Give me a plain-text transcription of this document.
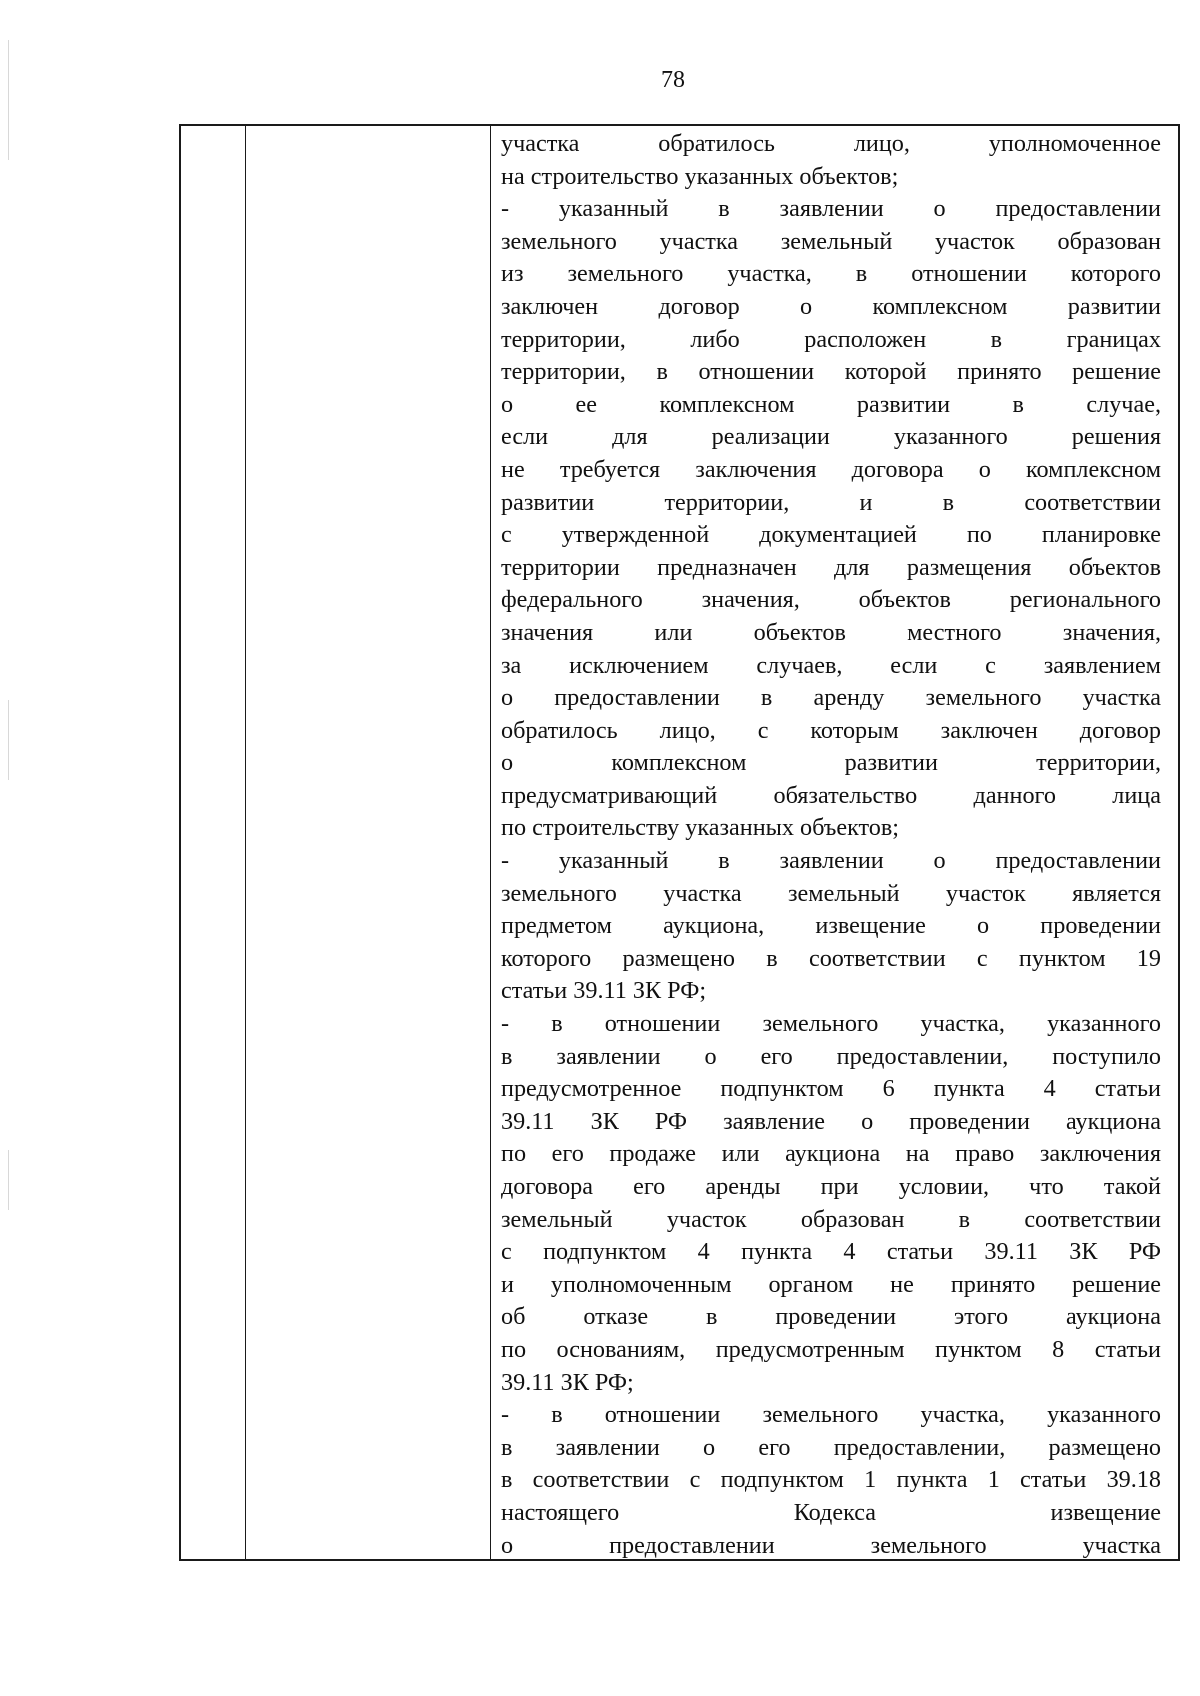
78
участка обратилось лицо, уполномоченное
на строительство указанных объектов;
- указанный в заявлении о предоставлении
земельного участка земельный участок образован
из земельного участка, в отношении которого
заключен договор о комплексном развитии
территории, либо расположен в границах
территории, в отношении которой принято решение
о ее комплексном развитии в случае,
если для реализации указанного решения
не требуется заключения договора о комплексном
развитии территории, и в соответствии
с утвержденной документацией по планировке
территории предназначен для размещения объектов
федерального значения, объектов регионального
значения или объектов местного значения,
за исключением случаев, если с заявлением
о предоставлении в аренду земельного участка
обратилось лицо, с которым заключен договор
о комплексном развитии территории,
предусматривающий обязательство данного лица
по строительству указанных объектов;
- указанный в заявлении о предоставлении
земельного участка земельный участок является
предметом аукциона, извещение о проведении
которого размещено в соответствии с пунктом 19
статьи 39.11 ЗК РФ;
- в отношении земельного участка, указанного
в заявлении о его предоставлении, поступило
предусмотренное подпунктом 6 пункта 4 статьи
39.11 ЗК РФ заявление о проведении аукциона
по его продаже или аукциона на право заключения
договора его аренды при условии, что такой
земельный участок образован в соответствии
с подпунктом 4 пункта 4 статьи 39.11 ЗК РФ
и уполномоченным органом не принято решение
об отказе в проведении этого аукциона
по основаниям, предусмотренным пунктом 8 статьи
39.11 ЗК РФ;
- в отношении земельного участка, указанного
в заявлении о его предоставлении, размещено
в соответствии с подпунктом 1 пункта 1 статьи 39.18
настоящего Кодекса извещение
о предоставлении земельного участка
